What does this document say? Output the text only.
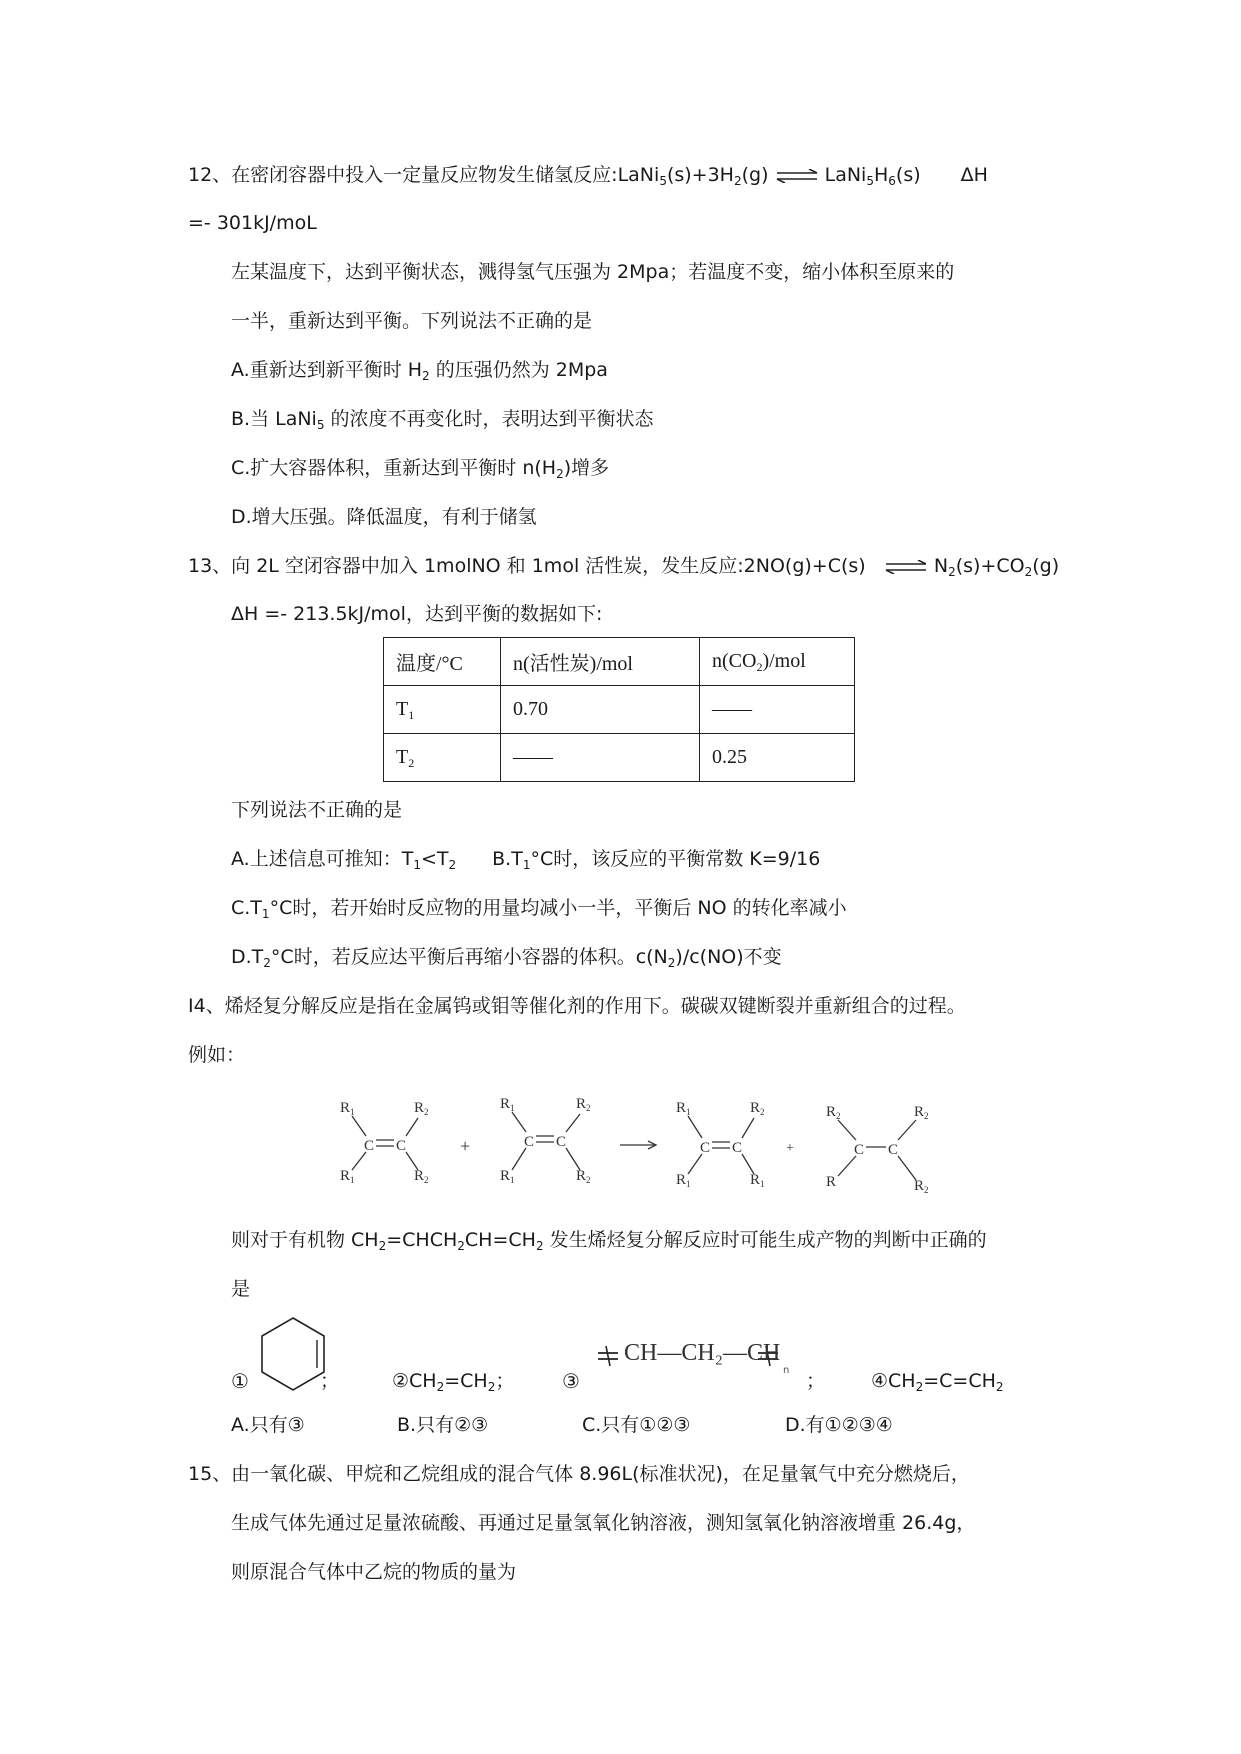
12、在密闭容器中投入一定量反应物发生储氢反应$:LaNi_5(s)+3H_2(g)$ ⇌ $LaNi_5H_6(s)$ ΔH
=- 301kJ/moL
左某温度下，达到平衡状态，溅得氢气压强为 2Mpa；若温度不变，缩小体积至原来的
一半，重新达到平衡。下列说法不正确的是
A.重新达到新平衡时 $H_2$ 的压强仍然为 2Mpa
B.当 LaNi$_5$ 的浓度不再变化时，表明达到平衡状态
C.扩大容器体积，重新达到平衡时 $n(H_2)$增多
D.增大压强。降低温度，有利于储氢
13、向 2L 空闭容器中加入 1molNO 和 1mol 活性炭，发生反应:2NO(g)+C(s) ⇌ $N_2(s)+CO_2(g)$
ΔH =- 213.5kJ/mol，达到平衡的数据如下:
温度/°C	n(活性炭)/mol	$n(CO_2)$/mol
$T_1$	0.70	——
$T_2$	——	0.25
下列说法不正确的是
A.上述信息可推知：$T_1<T_2$ $B.T_1^\circ C$时，该反应的平衡常数 K=9/16
$C.T_1^\circ C$时，若开始时反应物的用量均减小一半，平衡后 NO 的转化率减小
$D.T_2^\circ C$时，若反应达平衡后再缩小容器的体积。$c(N_2)/c(NO)$不变
I4、烯烃复分解反应是指在金属钨或钼等催化剂的作用下。碳碳双键断裂并重新组合的过程。
例如：
$R_1$
$R_1$
$R_2$
$R_2$
C C	+
$R_1$
$R_1$
$R_2$
$R_2$
C C
$R_1$
$R_1$
$R_2$
$R_1$
C C	+
$R_2$
R
$R_2$
$R_2$
C C
则对于有机物 $CH_2=CHCH_2CH=CH_2$ 发生烯烃复分解反应时可能生成产物的判断中正确的
是
①	；	$②CH_2=CH_2$； ③
CH—CH₂—CH
n ； $④CH_2=C=CH_2$
A.只有③	B.只有②③	C.只有①②③	D.有①②③④
15、由一氧化碳、甲烷和乙烷组成的混合气体 8.96L(标准状况)，在足量氧气中充分燃烧后，
生成气体先通过足量浓硫酸、再通过足量氢氧化钠溶液，测知氢氧化钠溶液增重 26.4g，
则原混合气体中乙烷的物质的量为
